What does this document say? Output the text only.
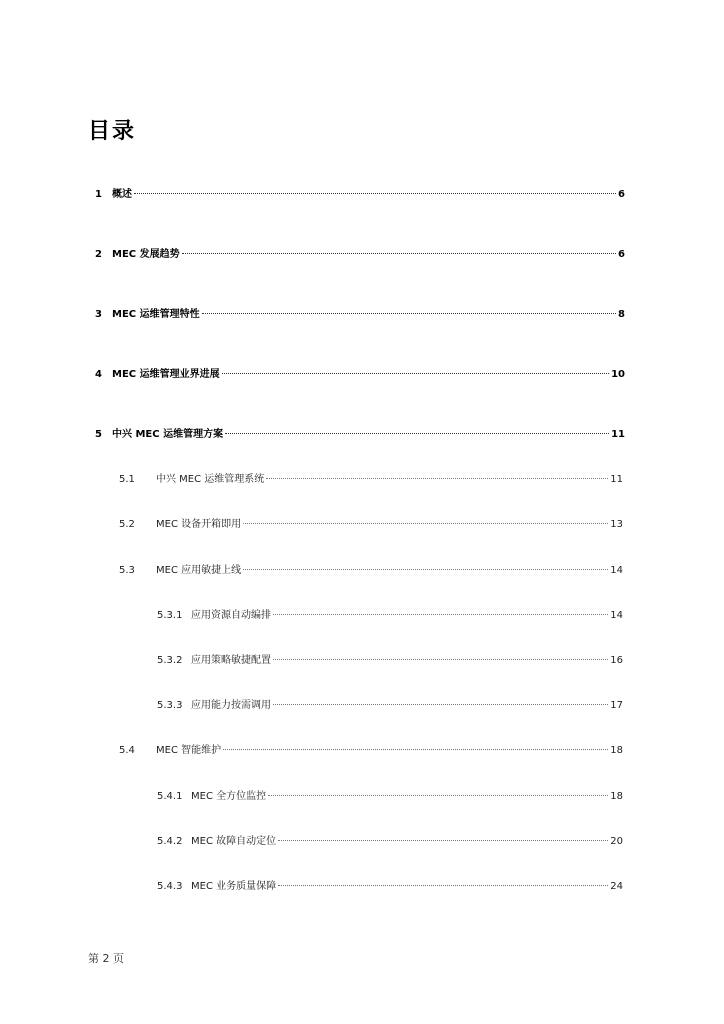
目录
1	概述	6
2	MEC 发展趋势	6
3	MEC 运维管理特性	8
4	MEC 运维管理业界进展	10
5	中兴 MEC 运维管理方案	11
5.1	中兴 MEC 运维管理系统	11
5.2	MEC 设备开箱即用	13
5.3	MEC 应用敏捷上线	14
5.3.1 应用资源自动编排	14
5.3.2 应用策略敏捷配置	16
5.3.3 应用能力按需调用	17
5.4	MEC 智能维护	18
5.4.1 MEC 全方位监控	18
5.4.2 MEC 故障自动定位	20
5.4.3 MEC 业务质量保障	24
第 2 页
